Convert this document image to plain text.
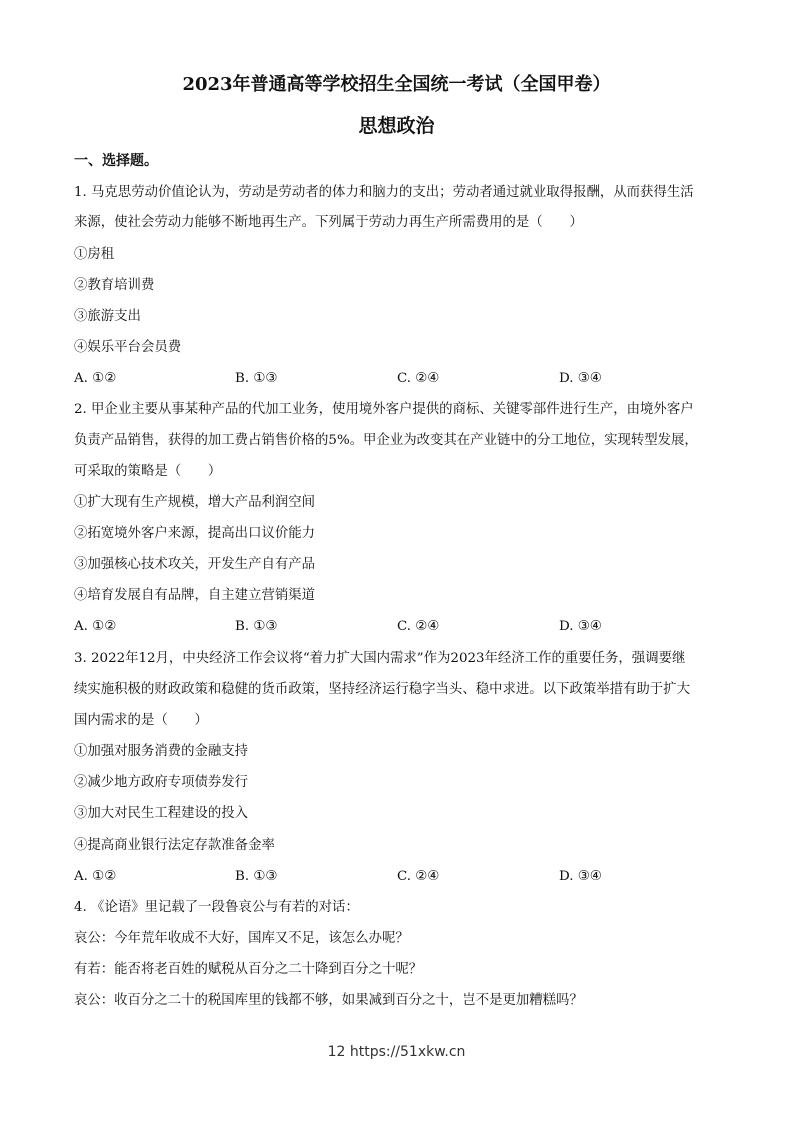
2023年普通高等学校招生全国统一考试（全国甲卷）
思想政治
一、选择题。
1. 马克思劳动价值论认为，劳动是劳动者的体力和脑力的支出；劳动者通过就业取得报酬，从而获得生活
来源，使社会劳动力能够不断地再生产。下列属于劳动力再生产所需费用的是（　　）
①房租
②教育培训费
③旅游支出
④娱乐平台会员费
A. ①②	B. ①③	C. ②④	D. ③④
2. 甲企业主要从事某种产品的代加工业务，使用境外客户提供的商标、关键零部件进行生产，由境外客户
负责产品销售，获得的加工费占销售价格的5%。甲企业为改变其在产业链中的分工地位，实现转型发展，
可采取的策略是（　　）
①扩大现有生产规模，增大产品利润空间
②拓宽境外客户来源，提高出口议价能力
③加强核心技术攻关，开发生产自有产品
④培育发展自有品牌，自主建立营销渠道
A. ①②	B. ①③	C. ②④	D. ③④
3. 2022年12月，中央经济工作会议将“着力扩大国内需求”作为2023年经济工作的重要任务，强调要继
续实施积极的财政政策和稳健的货币政策，坚持经济运行稳字当头、稳中求进。以下政策举措有助于扩大
国内需求的是（　　）
①加强对服务消费的金融支持
②减少地方政府专项债券发行
③加大对民生工程建设的投入
④提高商业银行法定存款准备金率
A. ①②	B. ①③	C. ②④	D. ③④
4. 《论语》里记载了一段鲁哀公与有若的对话：
哀公：今年荒年收成不大好，国库又不足，该怎么办呢？
有若：能否将老百姓的赋税从百分之二十降到百分之十呢？
哀公：收百分之二十的税国库里的钱都不够，如果减到百分之十，岂不是更加糟糕吗？
12 https://51xkw.cn
